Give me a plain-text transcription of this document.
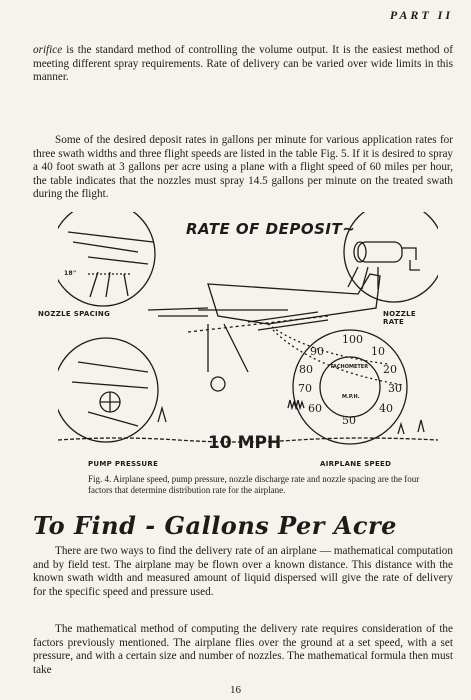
PART II

orifice is the standard method of controlling the volume output. It is the easiest method of meeting different spray requirements. Rate of delivery can be varied over wide limits in this manner.

Some of the desired deposit rates in gallons per minute for various application rates for three swath widths and three flight speeds are listed in the table Fig. 5. If it is desired to spray a 40 foot swath at 3 gallons per acre using a plane with a flight speed of 60 miles per hour, the table indicates that the nozzles must spray 14.5 gallons per minute on the treated swath during the flight.

RATE OF DEPOSIT~
18"
NOZZLE SPACING	NOZZLE RATE
PUMP PRESSURE	AIRPLANE SPEED
10 MPH
100
90	10
80	20
70	30
60	40
50
TACHOMETER
M.P.H.
Fig. 4. Airplane speed, pump pressure, nozzle discharge rate and nozzle spacing are the four factors that determine distribution rate for the airplane.
To Find - Gallons Per Acre

There are two ways to find the delivery rate of an airplane — mathematical computation and by field test. The airplane may be flown over a known distance. This distance with the known swath width and measured amount of liquid dispersed will give the rate of delivery for the specific speed and pressure used.

The mathematical method of computing the delivery rate requires consideration of the factors previously mentioned. The airplane flies over the ground at a set speed, with a set pressure, and with a certain size and number of nozzles. The mathematical formula then must take

16
